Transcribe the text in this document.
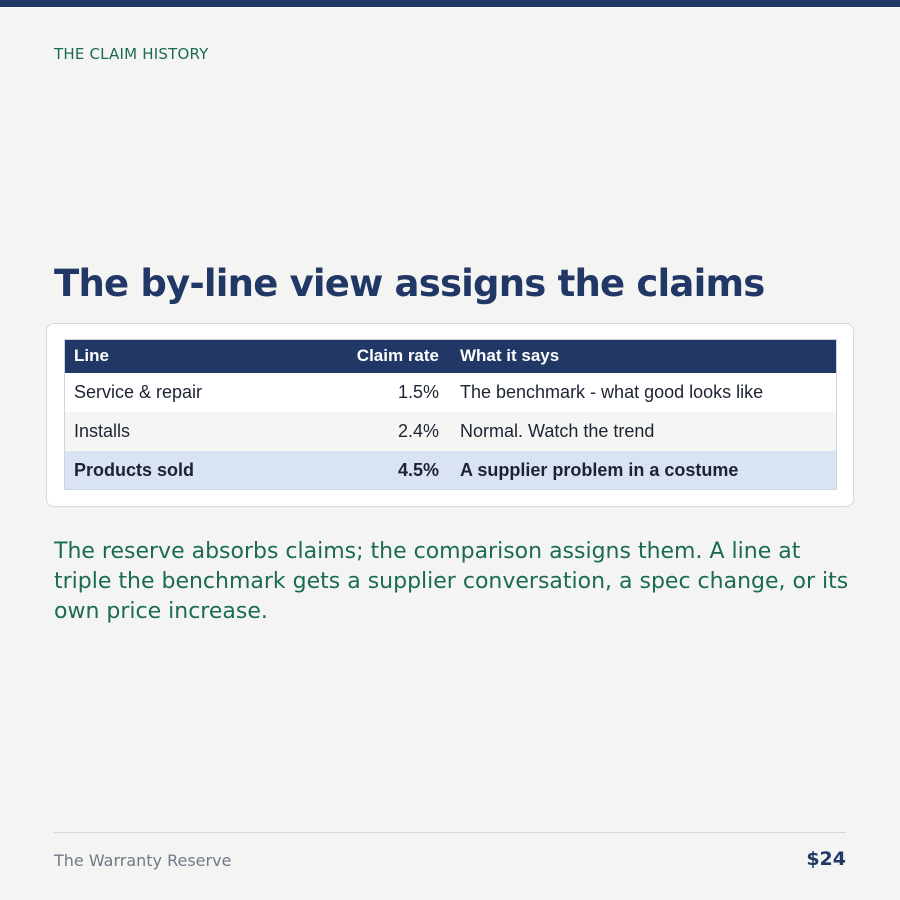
THE CLAIM HISTORY
The by-line view assigns the claims
Line	Claim rate	What it says
Service & repair	1.5%	The benchmark - what good looks like
Installs	2.4%	Normal. Watch the trend
Products sold	4.5%	A supplier problem in a costume

The reserve absorbs claims; the comparison assigns them. A line at triple the benchmark gets a supplier conversation, a spec change, or its own price increase.

The Warranty Reserve	$24
